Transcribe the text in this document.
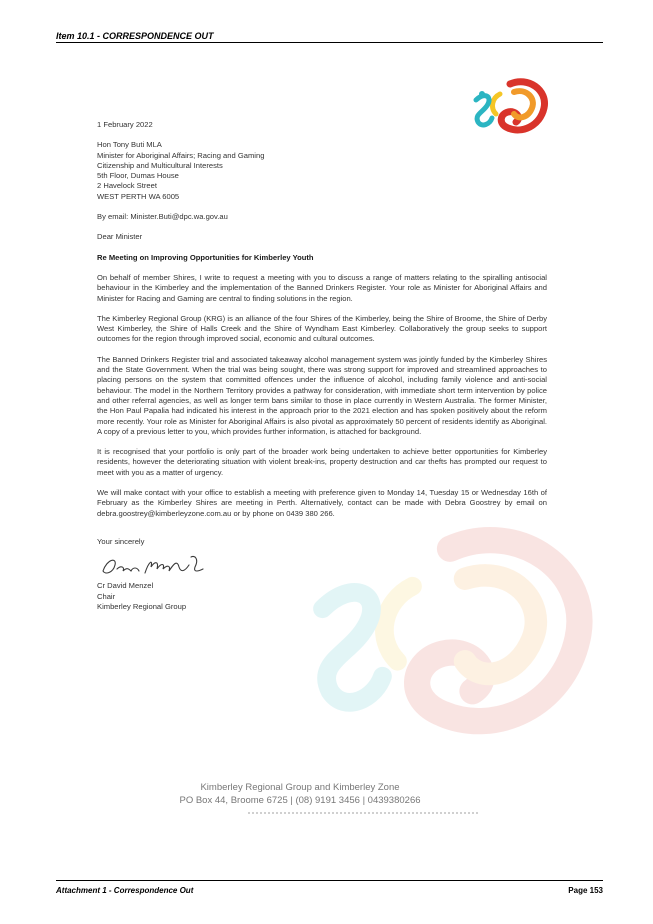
Item 10.1 - CORRESPONDENCE OUT

1 February 2022

Hon Tony Buti MLA

Minister for Aboriginal Affairs; Racing and Gaming

Citizenship and Multicultural Interests

5th Floor, Dumas House

2 Havelock Street

WEST PERTH WA 6005

By email: Minister.Buti@dpc.wa.gov.au

Dear Minister

Re Meeting on Improving Opportunities for Kimberley Youth

On behalf of member Shires, I write to request a meeting with you to discuss a range of matters relating to the spiralling antisocial behaviour in the Kimberley and the implementation of the Banned Drinkers Register. Your role as Minister for Aboriginal Affairs and Minister for Racing and Gaming are central to finding solutions in the region.

The Kimberley Regional Group (KRG) is an alliance of the four Shires of the Kimberley, being the Shire of Broome, the Shire of Derby West Kimberley, the Shire of Halls Creek and the Shire of Wyndham East Kimberley. Collaboratively the group seeks to support outcomes for the region through improved social, economic and cultural outcomes.

The Banned Drinkers Register trial and associated takeaway alcohol management system was jointly funded by the Kimberley Shires and the State Government. When the trial was being sought, there was strong support for improved and streamlined approaches to placing persons on the system that committed offences under the influence of alcohol, including family violence and anti-social behaviour. The model in the Northern Territory provides a pathway for consideration, with immediate short term intervention by police and other referral agencies, as well as longer term bans similar to those in place currently in Western Australia. The former Minister, the Hon Paul Papalia had indicated his interest in the approach prior to the 2021 election and has spoken positively about the reform more recently. Your role as Minister for Aboriginal Affairs is also pivotal as approximately 50 percent of residents identify as Aboriginal. A copy of a previous letter to you, which provides further information, is attached for background.

It is recognised that your portfolio is only part of the broader work being undertaken to achieve better opportunities for Kimberley residents, however the deteriorating situation with violent break-ins, property destruction and car thefts has prompted our request to meet with you as a matter of urgency.

We will make contact with your office to establish a meeting with preference given to Monday 14, Tuesday 15 or Wednesday 16th of February as the Kimberley Shires are meeting in Perth. Alternatively, contact can be made with Debra Goostrey by email on debra.goostrey@kimberleyzone.com.au or by phone on 0439 380 266.

Your sincerely

Cr David Menzel

Chair

Kimberley Regional Group

Kimberley Regional Group and Kimberley Zone
PO Box 44, Broome 6725 | (08) 9191 3456 | 0439380266
Attachment 1 - Correspondence Out	Page 153
